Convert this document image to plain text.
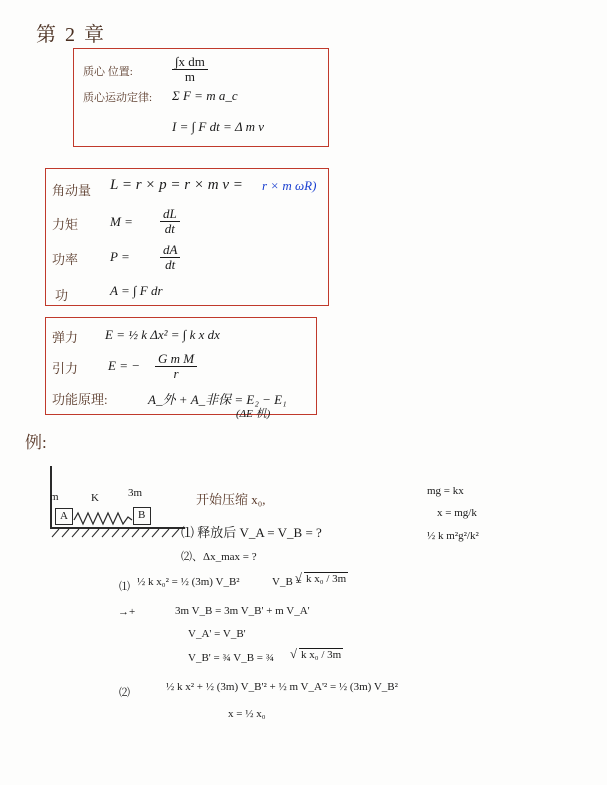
第 2 章
质心 位置:	$\frac{\text{∫x dm}}{m}$
质心运动定律: Σ F = m a_c
I = ∫ F dt = Δ m v
角动量 L = r × p = r × m v = r × m ωR)
力矩 $M = \frac{dL}{dt}$
功率 $P = \frac{dA}{dt}$
功	A = ∫ F dr
弹力 E = ½ k Δx² = ∫ k x dx
引力 E = − $\frac{\text{G m M}}{r}$
功能原理:	A_外 + A_非保 = E₂ − E₁
(ΔE 机)
例:
A	B
m	K	3m	开始压缩 x₀,
⑴ 释放后 V_A = V_B = ?
⑵、Δx_max = ?
⑴ ½ k x₀² = ½ (3m) V_B²	V_B = √ k x₀ / 3m
→+	3m V_B = 3m V_B' + m V_A'
V_A' = V_B'
V_B' = ¾ V_B = ¾	√ k x₀ / 3m
⑵	½ k x² + ½ (3m) V_B'² + ½ m V_A'² = ½ (3m) V_B²
x = ½ x₀
mg = kx
x = mg/k
½ k m²g²/k²
